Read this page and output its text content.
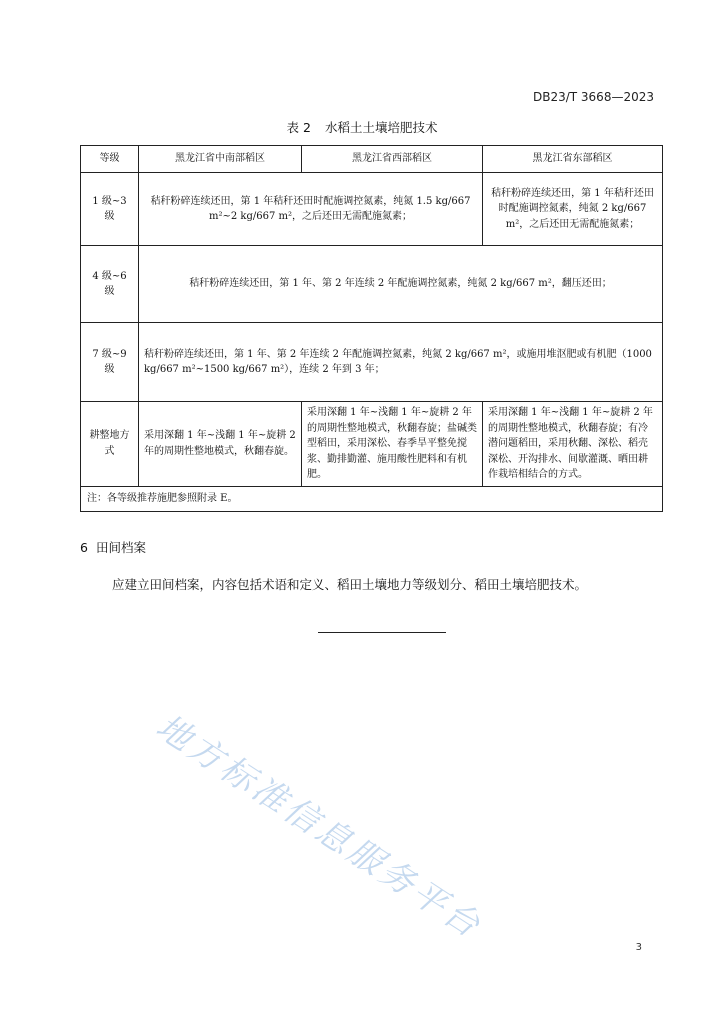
DB23/T 3668—2023
表 2 水稻土土壤培肥技术
等级	黑龙江省中南部稻区	黑龙江省西部稻区	黑龙江省东部稻区
1 级~3 级	秸秆粉碎连续还田，第 1 年秸秆还田时配施调控氮素，纯氮 1.5 kg/667 m²~2 kg/667 m²，之后还田无需配施氮素；		秸秆粉碎连续还田，第 1 年秸秆还田时配施调控氮素，纯氮 2 kg/667 m²，之后还田无需配施氮素；
4 级~6 级	秸秆粉碎连续还田，第 1 年、第 2 年连续 2 年配施调控氮素，纯氮 2 kg/667 m²，翻压还田；		
7 级~9 级	秸秆粉碎连续还田，第 1 年、第 2 年连续 2 年配施调控氮素，纯氮 2 kg/667 m²，或施用堆沤肥或有机肥（1000 kg/667 m²~1500 kg/667 m²），连续 2 年到 3 年；		
耕整地方式	采用深翻 1 年~浅翻 1 年~旋耕 2 年的周期性整地模式，秋翻春旋。	采用深翻 1 年~浅翻 1 年~旋耕 2 年的周期性整地模式，秋翻春旋；盐碱类型稻田，采用深松、春季旱平整免搅浆、勤排勤灌、施用酸性肥料和有机肥。	采用深翻 1 年~浅翻 1 年~旋耕 2 年的周期性整地模式，秋翻春旋；有冷潜问题稻田，采用秋翻、深松、稻壳深松、开沟排水、间歇灌溉、晒田耕作栽培相结合的方式。
注：各等级推荐施肥参照附录 E。			
6 田间档案
应建立田间档案，内容包括术语和定义、稻田土壤地力等级划分、稻田土壤培肥技术。
地方标准信息服务平台
3
